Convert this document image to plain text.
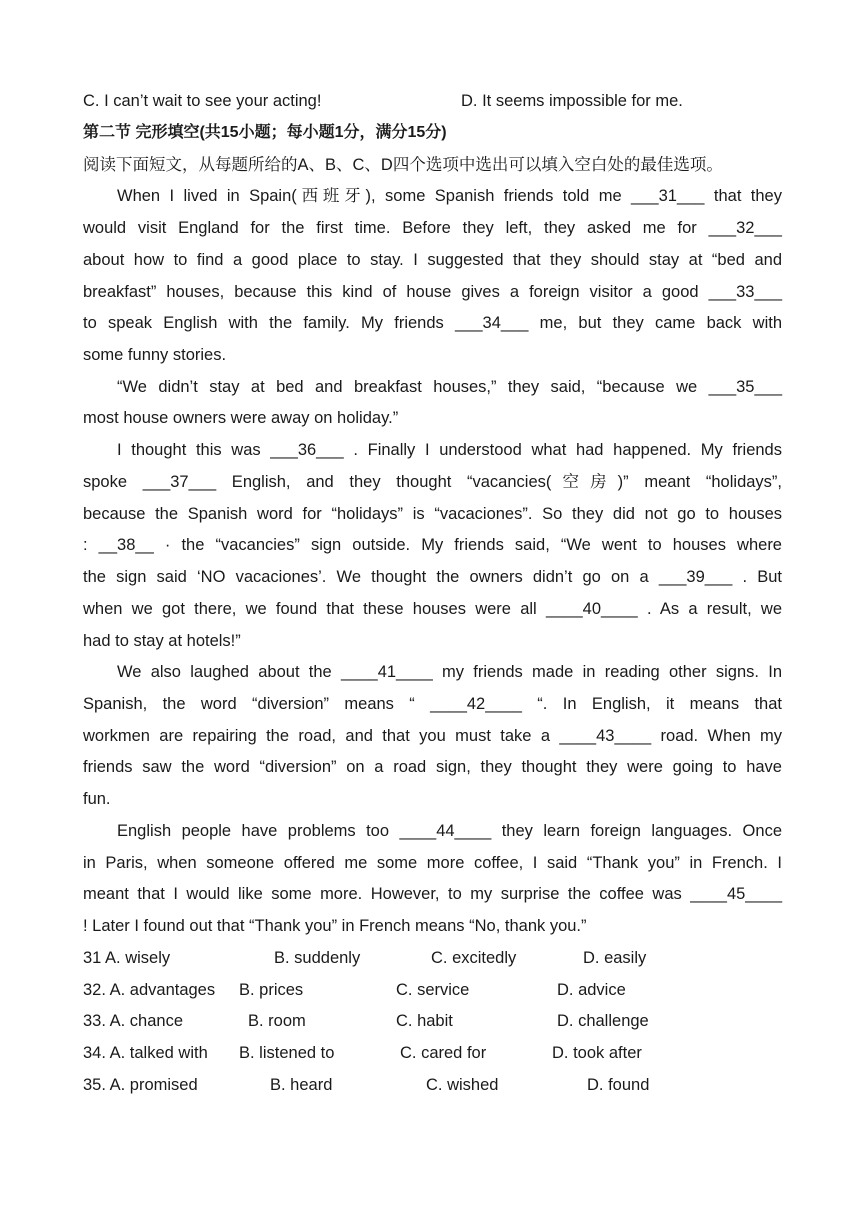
C. I can’t wait to see your acting!	D. It seems impossible for me.
第二节 完形填空(共15小题；每小题1分，满分15分)
阅读下面短文，从每题所给的A、B、C、D四个选项中选出可以填入空白处的最佳选项。
When I lived in Spain(西班牙), some Spanish friends told me ___31___ that they
would visit England for the first time. Before they left, they asked me for ___32___
about how to find a good place to stay. I suggested that they should stay at “bed and
breakfast” houses, because this kind of house gives a foreign visitor a good ___33___
to speak English with the family. My friends ___34___ me, but they came back with
some funny stories.
“We didn’t stay at bed and breakfast houses,” they said, “because we ___35___
most house owners were away on holiday.”
I thought this was ___36___ . Finally I understood what had happened. My friends
spoke ___37___ English, and they thought “vacancies(空房)” meant “holidays”,
because the Spanish word for “holidays” is “vacaciones”. So they did not go to houses
: __38__ · the “vacancies” sign outside. My friends said, “We went to houses where
the sign said ‘NO vacaciones’. We thought the owners didn’t go on a ___39___ . But
when we got there, we found that these houses were all ____40____ . As a result, we
had to stay at hotels!”
We also laughed about the ____41____ my friends made in reading other signs. In
Spanish, the word “diversion” means “ ____42____ “. In English, it means that
workmen are repairing the road, and that you must take a ____43____ road. When my
friends saw the word “diversion” on a road sign, they thought they were going to have
fun.
English people have problems too ____44____ they learn foreign languages. Once
in Paris, when someone offered me some more coffee, I said “Thank you” in French. I
meant that I would like some more. However, to my surprise the coffee was ____45____
! Later I found out that “Thank you” in French means “No, thank you.”
31 A. wisely	B. suddenly	C. excitedly	D. easily
32. A. advantages B. prices	C. service	D. advice
33. A. chance	B. room	C. habit	D. challenge
34. A. talked with B. listened to	C. cared for	D. took after
35. A. promised	B. heard	C. wished	D. found
